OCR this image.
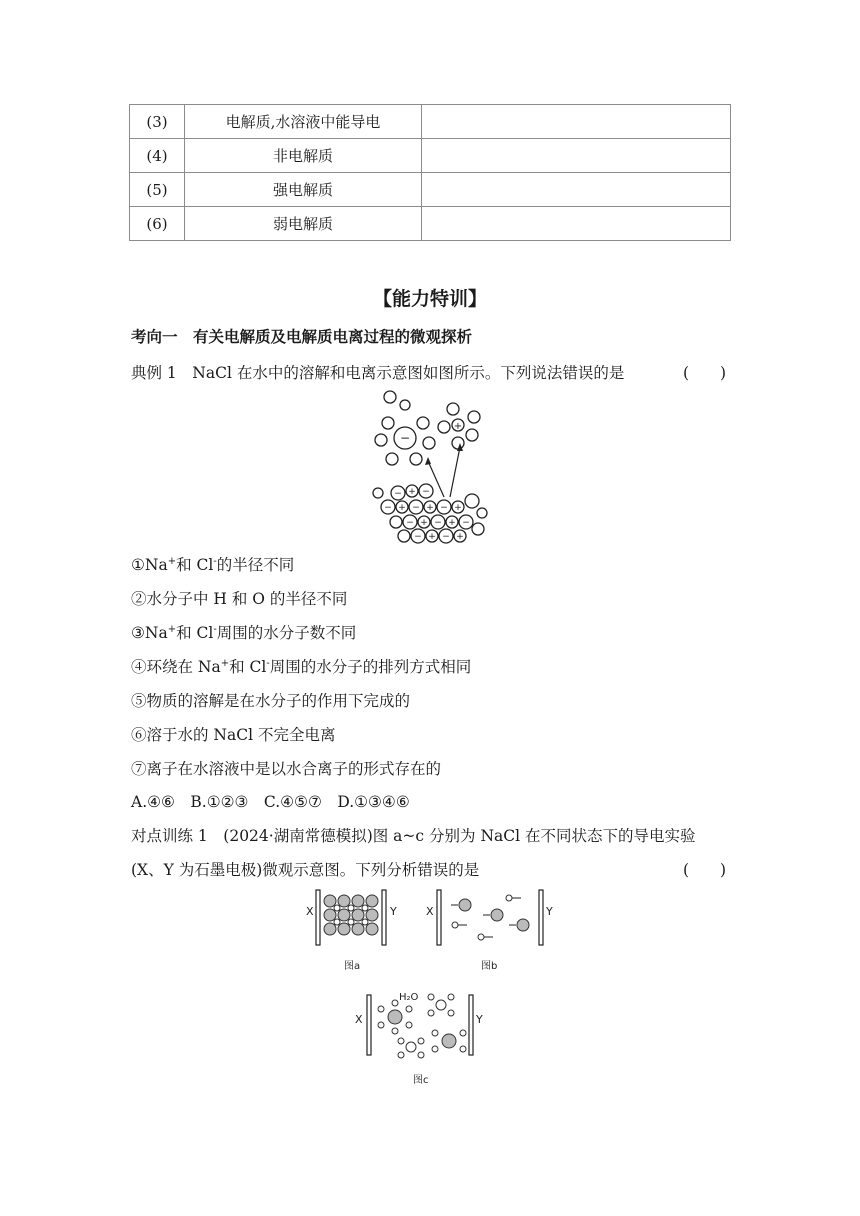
(3)	电解质,水溶液中能导电	
(4)	非电解质	
(5)	强电解质	
(6)	弱电解质	
【能力特训】
考向一　有关电解质及电解质电离过程的微观探析
典例 1　NaCl 在水中的溶解和电离示意图如图所示。下列说法错误的是	(　　)
−
+
− + −
− + − + − +
− + − + −
− + − +
①Na+和 Cl-的半径不同
②水分子中 H 和 O 的半径不同
③Na+和 Cl-周围的水分子数不同
④环绕在 Na+和 Cl-周围的水分子的排列方式相同
⑤物质的溶解是在水分子的作用下完成的
⑥溶于水的 NaCl 不完全电离
⑦离子在水溶液中是以水合离子的形式存在的
A.④⑥　B.①②③　C.④⑤⑦　D.①③④⑥
对点训练 1　(2024·湖南常德模拟)图 a~c 分别为 NaCl 在不同状态下的导电实验
(X、Y 为石墨电极)微观示意图。下列分析错误的是	(　　)
X	Y
图a
X	Y
图b
X	Y
H₂O
图c
